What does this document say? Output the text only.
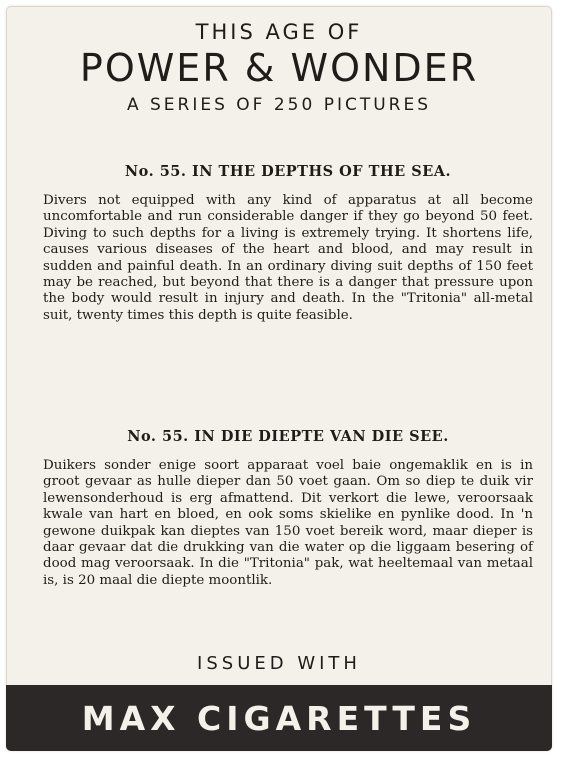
THIS AGE OF
POWER & WONDER
A SERIES OF 250 PICTURES
No. 55. IN THE DEPTHS OF THE SEA.
Divers not equipped with any kind of apparatus at all become uncomfortable and run considerable danger if they go beyond 50 feet. Diving to such depths for a living is extremely trying. It shortens life, causes various diseases of the heart and blood, and may result in sudden and painful death. In an ordinary diving suit depths of 150 feet may be reached, but beyond that there is a danger that pressure upon the body would result in injury and death. In the "Tritonia" all-metal suit, twenty times this depth is quite feasible.
No. 55. IN DIE DIEPTE VAN DIE SEE.
Duikers sonder enige soort apparaat voel baie ongemaklik en is in groot gevaar as hulle dieper dan 50 voet gaan. Om so diep te duik vir lewensonderhoud is erg afmattend. Dit verkort die lewe, veroorsaak kwale van hart en bloed, en ook soms skielike en pynlike dood. In 'n gewone duikpak kan dieptes van 150 voet bereik word, maar dieper is daar gevaar dat die drukking van die water op die liggaam besering of dood mag veroorsaak. In die "Tritonia" pak, wat heeltemaal van metaal is, is 20 maal die diepte moontlik.
ISSUED WITH
MAX CIGARETTES
